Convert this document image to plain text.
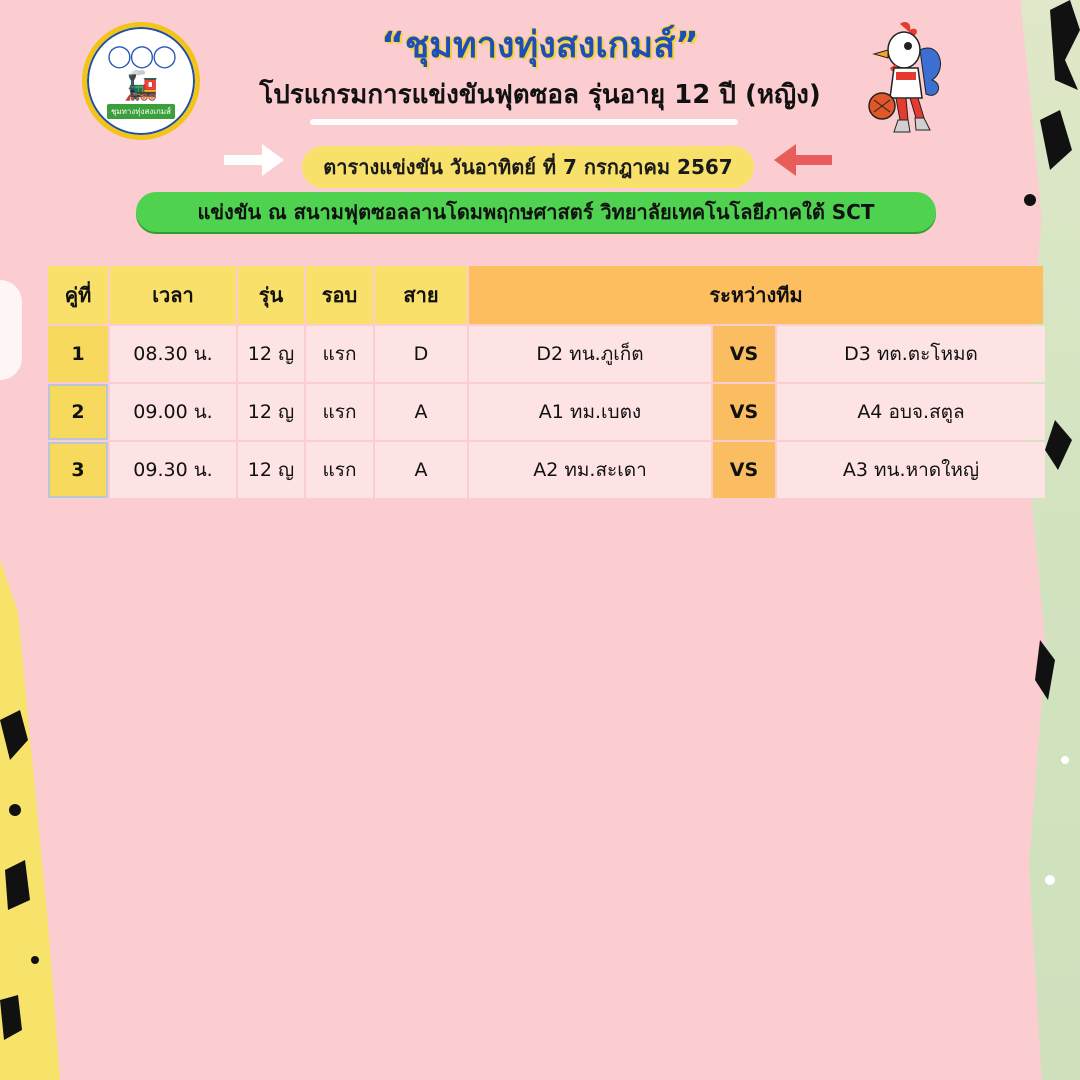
◯◯◯
🚂
ชุมทางทุ่งสงเกมส์
“ชุมทางทุ่งสงเกมส์”
โปรแกรมการแข่งขันฟุตซอล รุ่นอายุ 12 ปี (หญิง)
ตารางแข่งขัน วันอาทิตย์ ที่ 7 กรกฎาคม 2567
แข่งขัน ณ สนามฟุตซอลลานโดมพฤกษศาสตร์ วิทยาลัยเทคโนโลยีภาคใต้ SCT
คู่ที่	เวลา	รุ่น	รอบ	สาย	ระหว่างทีม
1	08.30 น.	12 ญ	แรก	D	D2 ทน.ภูเก็ต	VS	D3 ทต.ตะโหมด
2	09.00 น.	12 ญ	แรก	A	A1 ทม.เบตง	VS	A4 อบจ.สตูล
3	09.30 น.	12 ญ	แรก	A	A2 ทม.สะเดา	VS	A3 ทน.หาดใหญ่
